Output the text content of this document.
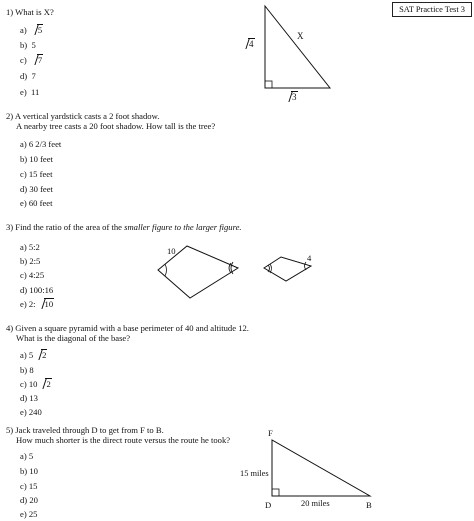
SAT Practice Test 3
1) What is X?
a) 5
b) 5
c) 7
d) 7
e) 11
4
X
3
2) A vertical yardstick casts a 2 foot shadow.
A nearby tree casts a 20 foot shadow. How tall is the tree?
a) 6 2/3 feet
b) 10 feet
c) 15 feet
d) 30 feet
e) 60 feet
3) Find the ratio of the area of the smaller figure to the larger figure.
a) 5:2
b) 2:5
c) 4:25
d) 100:16
e) 2: 10
10
4
4) Given a square pyramid with a base perimeter of 40 and altitude 12.
What is the diagonal of the base?
a) 5 2
b) 8
c) 10 2
d) 13
e) 240
5) Jack traveled through D to get from F to B.
How much shorter is the direct route versus the route he took?
a) 5
b) 10
c) 15
d) 20
e) 25
F
D	B
15 miles
20 miles
